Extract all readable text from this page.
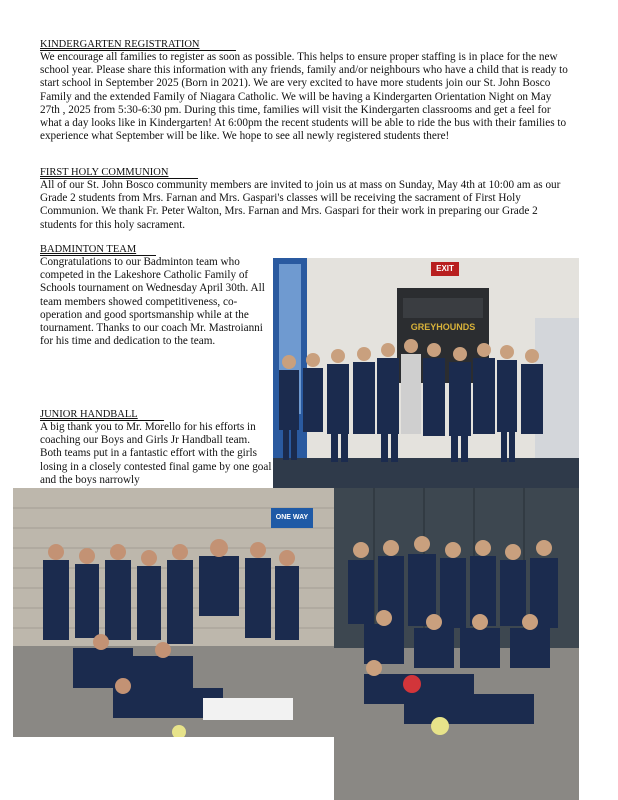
KINDERGARTEN REGISTRATION

We encourage all families to register as soon as possible. This helps to ensure proper staffing is in place for the new school year. Please share this information with any friends, family and/or neighbours who have a child that is ready to start school in September 2025 (Born in 2021). We are very excited to have more students join our St. John Bosco Family and the extended Family of Niagara Catholic. We will be having a Kindergarten Orientation Night on May 27th , 2025 from 5:30-6:30 pm. During this time, families will visit the Kindergarten classrooms and get a feel for what a day looks like in Kindergarten! At 6:00pm the recent students will be able to ride the bus with their families to experience what September will be like. We hope to see all newly registered students there!

FIRST HOLY COMMUNION

All of our St. John Bosco community members are invited to join us at mass on Sunday, May 4th at 10:00 am as our Grade 2 students from Mrs. Farnan and Mrs. Gaspari's classes will be receiving the sacrament of First Holy Communion. We thank Fr. Peter Walton, Mrs. Farnan and Mrs. Gaspari for their work in preparing our Grade 2 students for this holy sacrament.

BADMINTON TEAM

Congratulations to our Badminton team who competed in the Lakeshore Catholic Family of Schools tournament on Wednesday April 30th. All team members showed competitiveness, co-operation and good sportsmanship while at the tournament. Thanks to our coach Mr. Mastroianni for his time and dedication to the team.

JUNIOR HANDBALL

A big thank you to Mr. Morello for his efforts in coaching our Boys and Girls Jr Handball team. Both teams put in a fantastic effort with the girls losing in a closely contested final game by one goal and the boys narrowly

EXIT
GREYHOUNDS
ONE WAY
